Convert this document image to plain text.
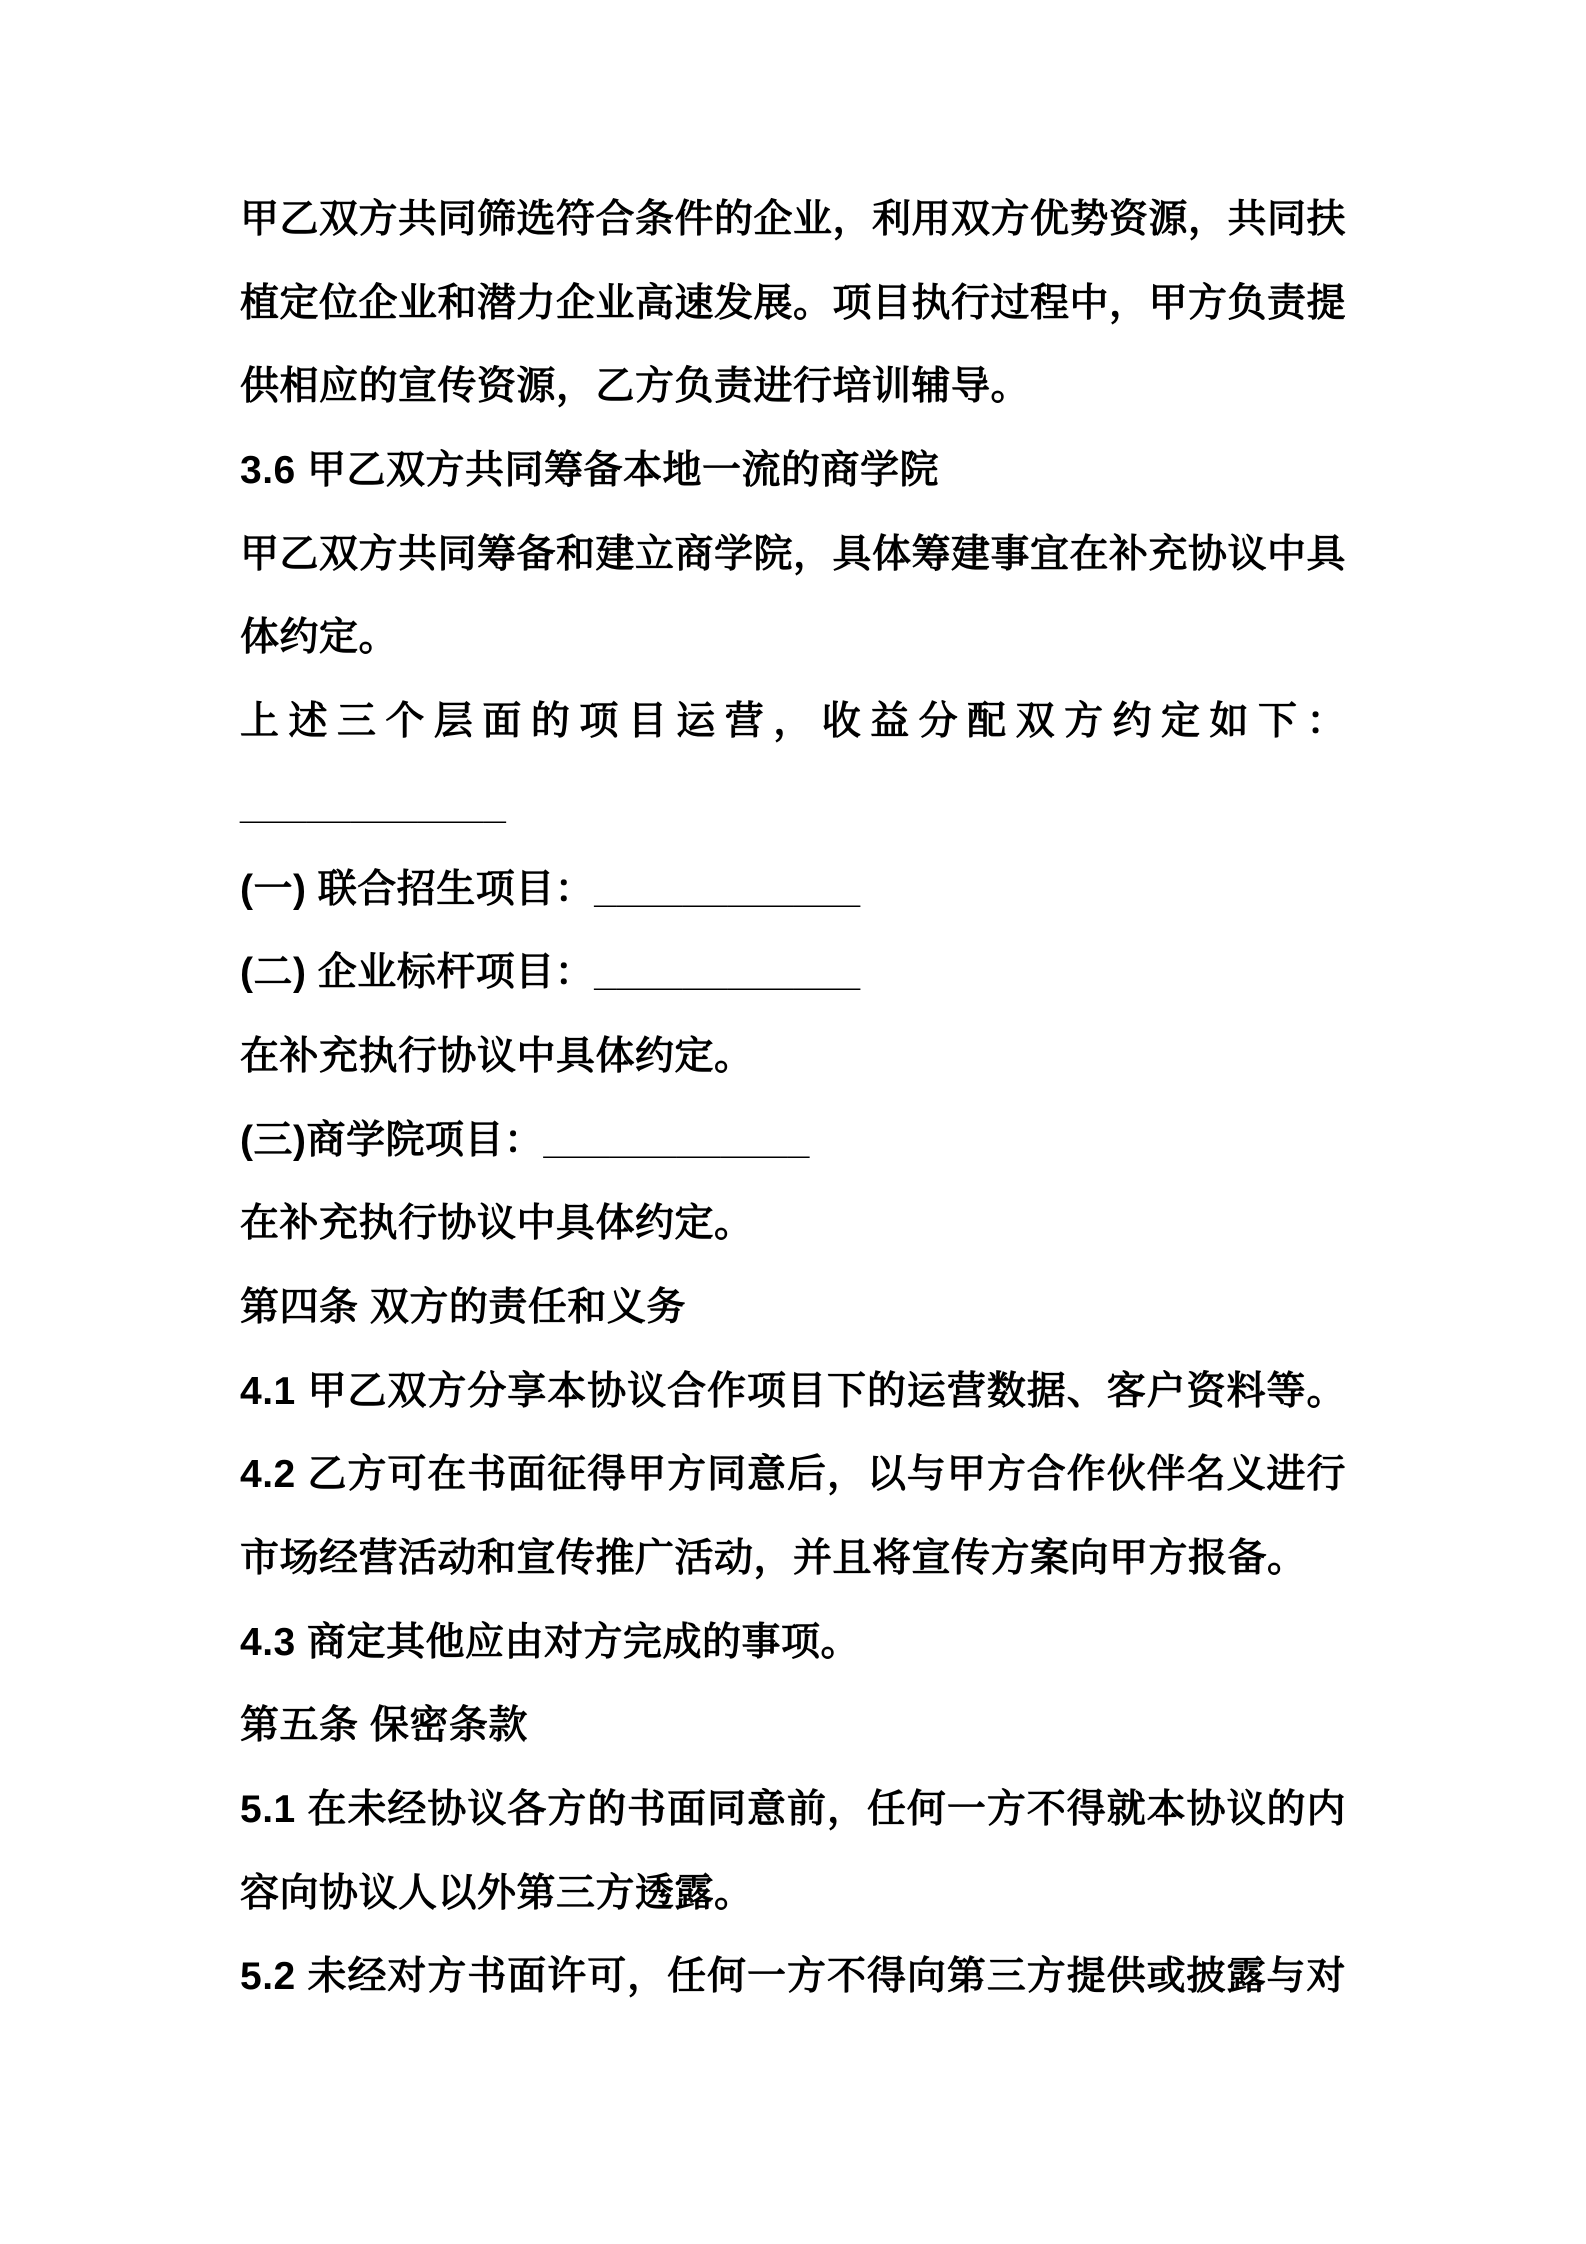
甲乙双方共同筛选符合条件的企业，利用双方优势资源，共同扶
植定位企业和潜力企业高速发展。项目执行过程中，甲方负责提
供相应的宣传资源，乙方负责进行培训辅导。
3.6 甲乙双方共同筹备本地一流的商学院
甲乙双方共同筹备和建立商学院，具体筹建事宜在补充协议中具
体约定。
上述三个层面的项目运营，收益分配双方约定如下：
____________
(一) 联合招生项目：____________
(二) 企业标杆项目：____________
在补充执行协议中具体约定。
(三)商学院项目：____________
在补充执行协议中具体约定。
第四条 双方的责任和义务
4.1 甲乙双方分享本协议合作项目下的运营数据、客户资料等。
4.2 乙方可在书面征得甲方同意后，以与甲方合作伙伴名义进行
市场经营活动和宣传推广活动，并且将宣传方案向甲方报备。
4.3 商定其他应由对方完成的事项。
第五条 保密条款
5.1 在未经协议各方的书面同意前，任何一方不得就本协议的内
容向协议人以外第三方透露。
5.2 未经对方书面许可，任何一方不得向第三方提供或披露与对
